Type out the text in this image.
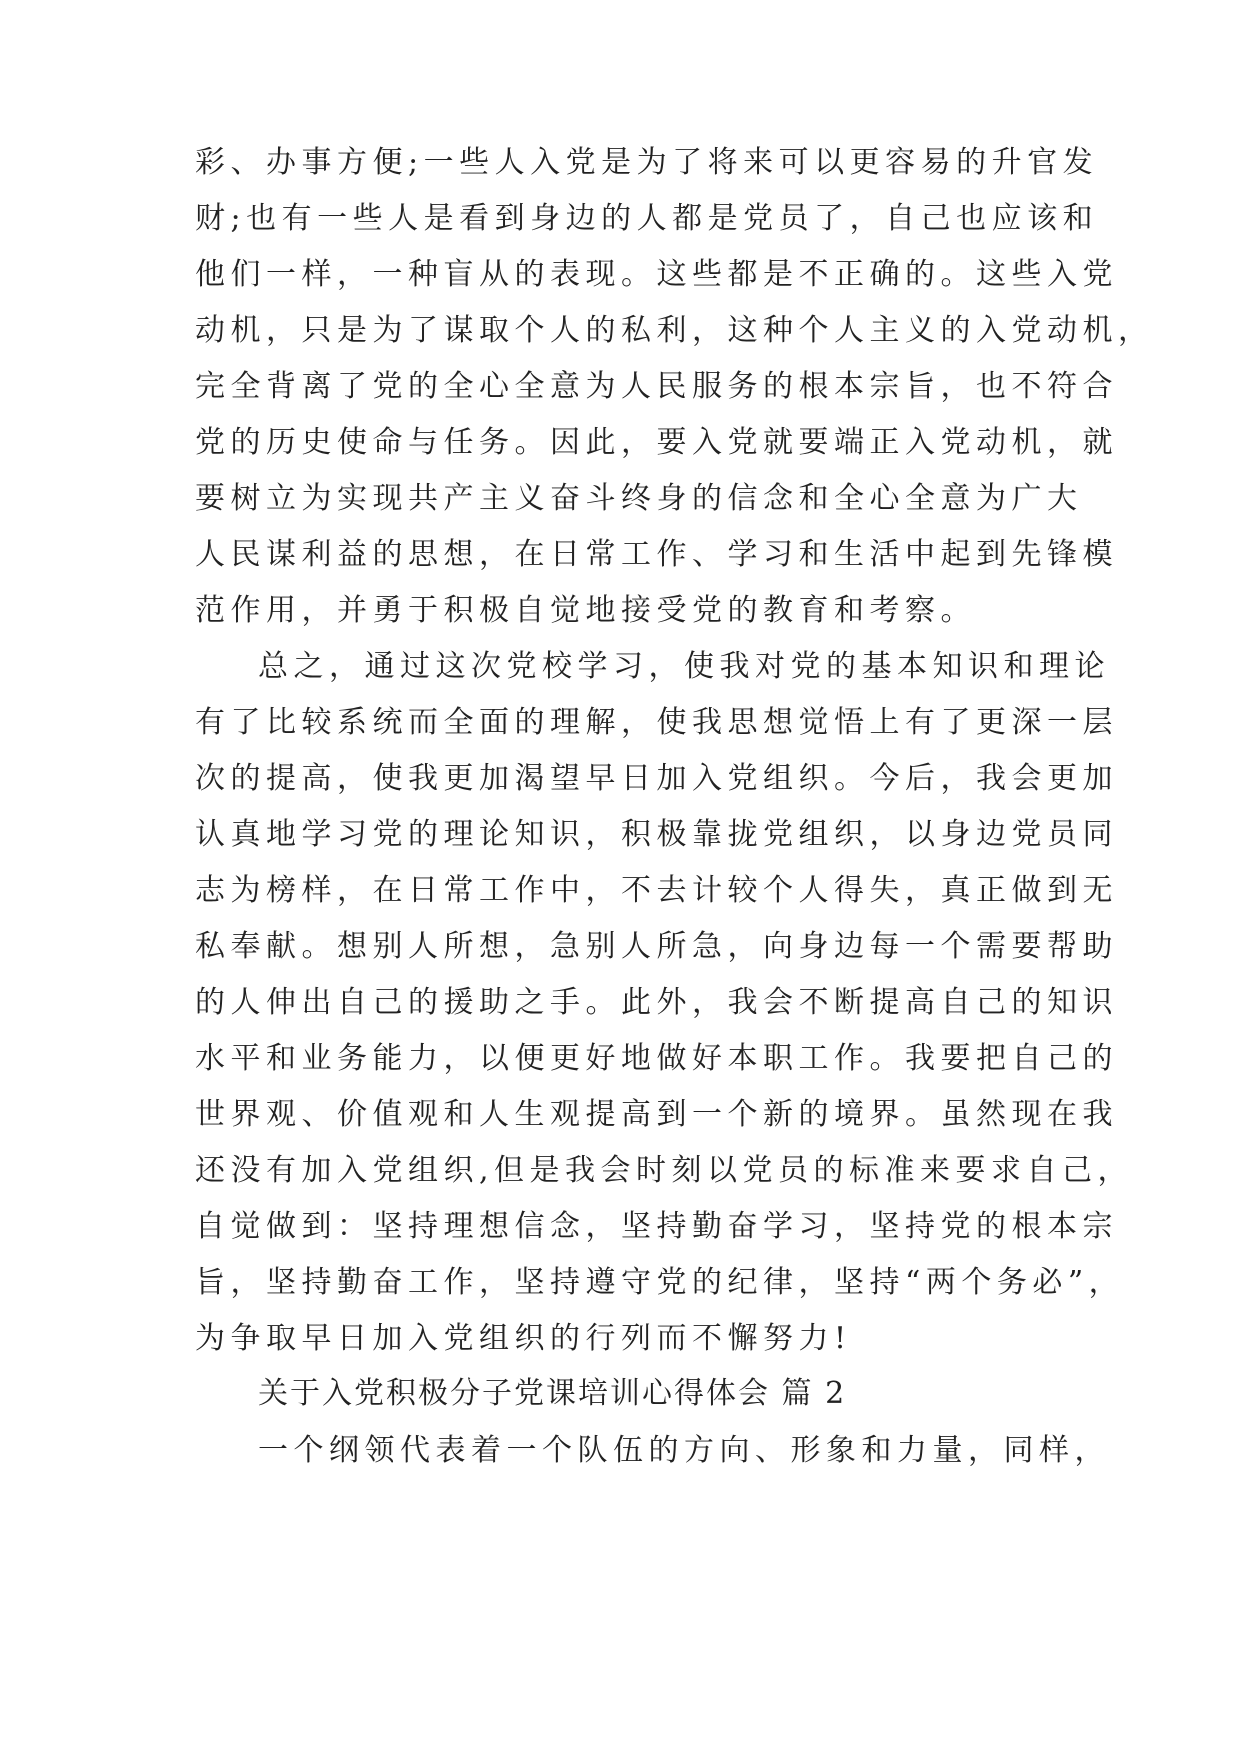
彩、办事方便;一些人入党是为了将来可以更容易的升官发
财;也有一些人是看到身边的人都是党员了，自己也应该和
他们一样，一种盲从的表现。这些都是不正确的。这些入党
动机，只是为了谋取个人的私利，这种个人主义的入党动机，
完全背离了党的全心全意为人民服务的根本宗旨，也不符合
党的历史使命与任务。因此，要入党就要端正入党动机，就
要树立为实现共产主义奋斗终身的信念和全心全意为广大
人民谋利益的思想，在日常工作、学习和生活中起到先锋模
范作用，并勇于积极自觉地接受党的教育和考察。
总之，通过这次党校学习，使我对党的基本知识和理论
有了比较系统而全面的理解，使我思想觉悟上有了更深一层
次的提高，使我更加渴望早日加入党组织。今后，我会更加
认真地学习党的理论知识，积极靠拢党组织，以身边党员同
志为榜样，在日常工作中，不去计较个人得失，真正做到无
私奉献。想别人所想，急别人所急，向身边每一个需要帮助
的人伸出自己的援助之手。此外，我会不断提高自己的知识
水平和业务能力，以便更好地做好本职工作。我要把自己的
世界观、价值观和人生观提高到一个新的境界。虽然现在我
还没有加入党组织,但是我会时刻以党员的标准来要求自己，
自觉做到：坚持理想信念，坚持勤奋学习，坚持党的根本宗
旨，坚持勤奋工作，坚持遵守党的纪律，坚持“两个务必”，
为争取早日加入党组织的行列而不懈努力!
关于入党积极分子党课培训心得体会 篇 2
一个纲领代表着一个队伍的方向、形象和力量，同样，
